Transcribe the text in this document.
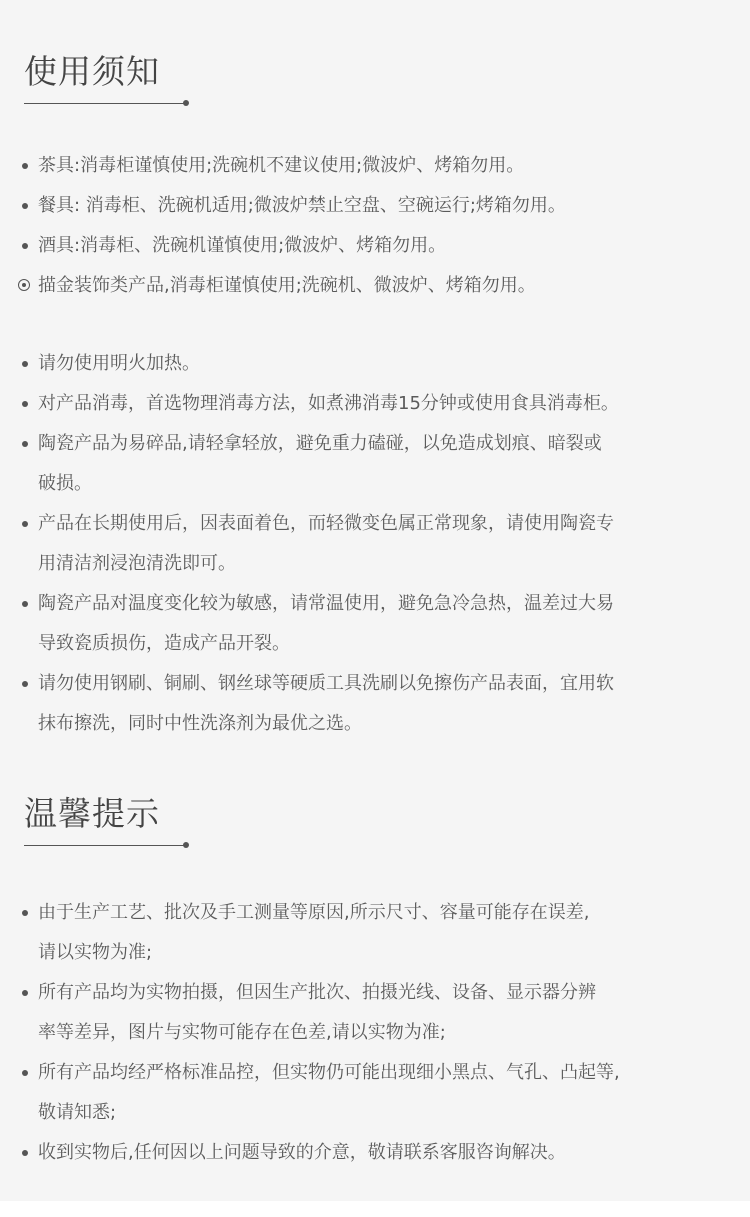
使用须知
茶具:消毒柜谨慎使用;洗碗机不建议使用;微波炉、烤箱勿用。
餐具: 消毒柜、洗碗机适用;微波炉禁止空盘、空碗运行;烤箱勿用。
酒具:消毒柜、洗碗机谨慎使用;微波炉、烤箱勿用。
描金装饰类产品,消毒柜谨慎使用;洗碗机、微波炉、烤箱勿用。
请勿使用明火加热。
对产品消毒，首选物理消毒方法，如煮沸消毒15分钟或使用食具消毒柜。
陶瓷产品为易碎品,请轻拿轻放，避免重力磕碰，以免造成划痕、暗裂或
破损。
产品在长期使用后，因表面着色，而轻微变色属正常现象，请使用陶瓷专
用清洁剂浸泡清洗即可。
陶瓷产品对温度变化较为敏感，请常温使用，避免急冷急热，温差过大易
导致瓷质损伤，造成产品开裂。
请勿使用钢刷、铜刷、钢丝球等硬质工具洗刷以免擦伤产品表面，宜用软
抹布擦洗，同时中性洗涤剂为最优之选。
温馨提示
由于生产工艺、批次及手工测量等原因,所示尺寸、容量可能存在误差,
请以实物为准;
所有产品均为实物拍摄，但因生产批次、拍摄光线、设备、显示器分辨
率等差异，图片与实物可能存在色差,请以实物为准;
所有产品均经严格标准品控，但实物仍可能出现细小黑点、气孔、凸起等,
敬请知悉;
收到实物后,任何因以上问题导致的介意，敬请联系客服咨询解决。
